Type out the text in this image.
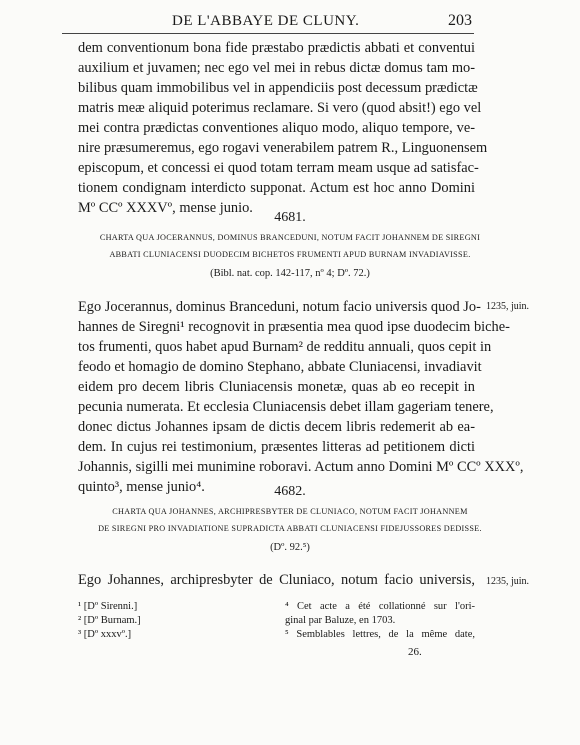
DE L'ABBAYE DE CLUNY.	203
dem conventionum bona fide præstabo prædictis abbati et conventui
auxilium et juvamen; nec ego vel mei in rebus dictæ domus tam mo-
bilibus quam immobilibus vel in appendiciis post decessum prædictæ
matris meæ aliquid poterimus reclamare. Si vero (quod absit!) ego vel
mei contra prædictas conventiones aliquo modo, aliquo tempore, ve-
nire præsumeremus, ego rogavi venerabilem patrem R., Linguonensem
episcopum, et concessi ei quod totam terram meam usque ad satisfac-
tionem condignam interdicto supponat. Actum est hoc anno Domini
Mº CCº XXXVº, mense junio.
4681.
CHARTA QUA JOCERANNUS, DOMINUS BRANCEDUNI, NOTUM FACIT JOHANNEM DE SIREGNI
ABBATI CLUNIACENSI DUODECIM BICHETOS FRUMENTI APUD BURNAM INVADIAVISSE.
(Bibl. nat. cop. 142-117, nº 4; Dº. 72.)
1235, juin.
Ego Jocerannus, dominus Branceduni, notum facio universis quod Jo-
hannes de Siregni¹ recognovit in præsentia mea quod ipse duodecim biche-
tos frumenti, quos habet apud Burnam² de redditu annuali, quos cepit in
feodo et homagio de domino Stephano, abbate Cluniacensi, invadiavit
eidem pro decem libris Cluniacensis monetæ, quas ab eo recepit in
pecunia numerata. Et ecclesia Cluniacensis debet illam gageriam tenere,
donec dictus Johannes ipsam de dictis decem libris redemerit ab ea-
dem. In cujus rei testimonium, præsentes litteras ad petitionem dicti
Johannis, sigilli mei munimine roboravi. Actum anno Domini Mº CCº XXXº,
quinto³, mense junio⁴.	4682.
CHARTA QUA JOHANNES, ARCHIPRESBYTER DE CLUNIACO, NOTUM FACIT JOHANNEM
DE SIREGNI PRO INVADIATIONE SUPRADICTA ABBATI CLUNIACENSI FIDEJUSSORES DEDISSE.
(Dº. 92.⁵)
1235, juin.
Ego Johannes, archipresbyter de Cluniaco, notum facio universis,
¹ [Dº Sirenni.]
² [Dº Burnam.]
³ [Dº xxxvº.]
⁴ Cet acte a été collationné sur l'ori-
ginal par Baluze, en 1703.
⁵ Semblables lettres, de la même date,
26.
